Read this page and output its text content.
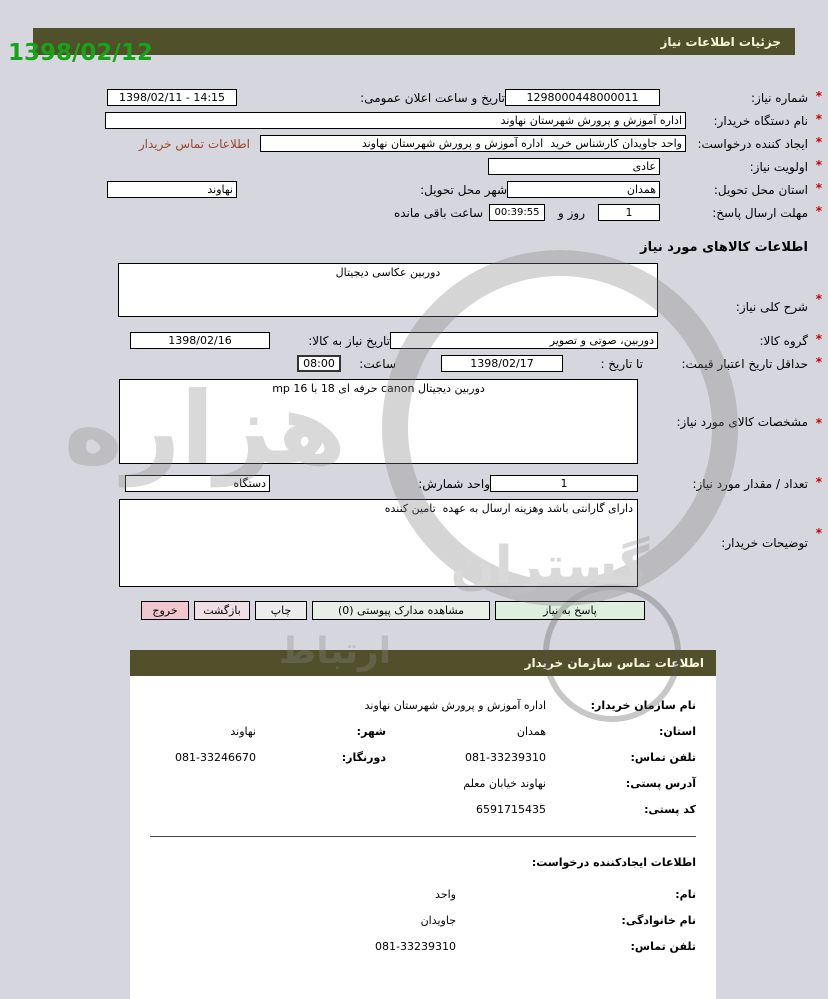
1398/02/12	جزئیات اطلاعات نیاز
*
شماره نیاز:
1298000448000011
تاریخ و ساعت اعلان عمومی:
1398/02/11 - 14:15
*
نام دستگاه خریدار:
اداره آموزش و پرورش شهرستان نهاوند
*
ایجاد کننده درخواست:
واحد جاویدان کارشناس خرید اداره آموزش و پرورش شهرستان نهاوند
اطلاعات تماس خریدار
*
اولویت نیاز:
عادی
*
استان محل تحویل:
همدان
شهر محل تحویل:
نهاوند
*
مهلت ارسال پاسخ:
1
روز و
00:39:55
ساعت باقی مانده
اطلاعات کالاهای مورد نیاز
*
شرح کلی نیاز:
دوربین عکاسی دیجیتال
*
گروه کالا:
دوربین، صوتی و تصویر
تاریخ نیاز به کالا:
1398/02/16
*
حداقل تاریخ اعتبار قیمت:
تا تاریخ :
1398/02/17
ساعت:
08:00
*
مشخصات کالای مورد نیاز:
دوربین دیجیتال canon حرفه ای 18 با mp 16
*
تعداد / مقدار مورد نیاز:
1
واحد شمارش:
دستگاه
*
توضیحات خریدار:
دارای گارانتی باشد وهزینه ارسال به عهده تامین کننده
پاسخ به نیاز
مشاهده مدارک پیوستی (0)
چاپ
بازگشت
خروج
اطلاعات تماس سازمان خریدار
نام سازمان خریدار:
اداره آموزش و پرورش شهرستان نهاوند
استان:
همدان
شهر:
نهاوند
تلفن تماس:
081-33239310
دورنگار:
081-33246670
آدرس پستی:
نهاوند خیابان معلم
کد پستی:
6591715435
اطلاعات ایجادکننده درخواست:
نام:
واحد
نام خانوادگی:
جاویدان
تلفن تماس:
081-33239310
هزاره
گستران
ارتباط
